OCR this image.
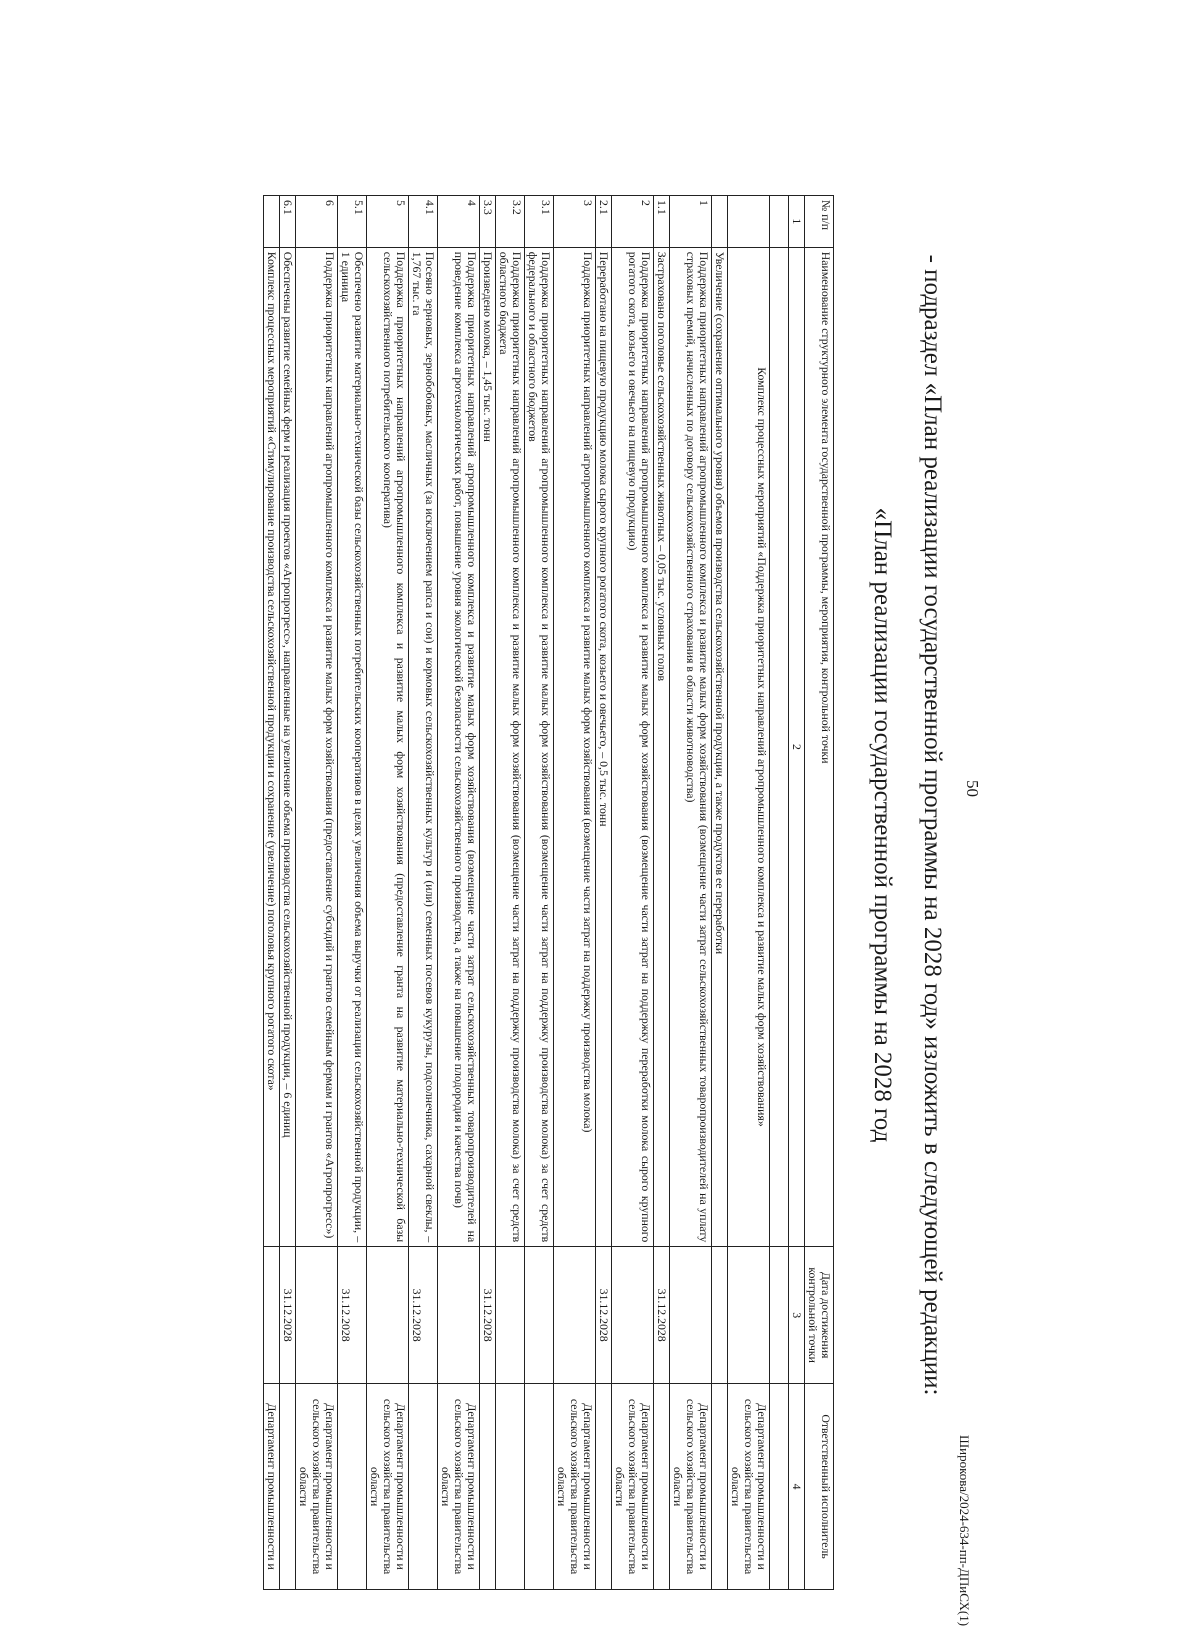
50
Широкова/2024-634-пп-ДПиСХ(1)
- подраздел «План реализации государственной программы на 2028 год» изложить в следующей редакции:
«План реализации государственной программы на 2028 год
№ п/п	Наименование структурного элемента государственной программы, мероприятия, контрольной точки	Дата достижения контрольной точки	Ответственный исполнитель
1	2	3	4

	Комплекс процессных мероприятий «Поддержка приоритетных направлений агропромышленного комплекса и развитие малых форм хозяйствования»		Департамент промышленности и сельского хозяйства правительства области
	Увеличение (сохранение оптимального уровня) объемов производства сельскохозяйственной продукции, а также продуктов ее переработки		
1	Поддержка приоритетных направлений агропромышленного комплекса и развитие малых форм хозяйствования (возмещение части затрат сельскохозяйственных товаропроизводителей на уплату страховых премий, начисленных по договору сельскохозяйственного страхования в области животноводства)		Департамент промышленности и сельского хозяйства правительства области
1.1	Застраховано поголовье сельскохозяйственных животных – 0,05 тыс. условных голов	31.12.2028	
2	Поддержка приоритетных направлений агропромышленного комплекса и развитие малых форм хозяйствования (возмещение части затрат на поддержку переработки молока сырого крупного рогатого скота, козьего и овечьего на пищевую продукцию)		Департамент промышленности и сельского хозяйства правительства области
2.1	Переработано на пищевую продукцию молока сырого крупного рогатого скота, козьего и овечьего, – 0,5 тыс. тонн	31.12.2028	
3	Поддержка приоритетных направлений агропромышленного комплекса и развитие малых форм хозяйствования (возмещение части затрат на поддержку производства молока)		Департамент промышленности и сельского хозяйства правительства области
3.1	Поддержка приоритетных направлений агропромышленного комплекса и развитие малых форм хозяйствования (возмещение части затрат на поддержку производства молока) за счет средств федерального и областного бюджетов		
3.2	Поддержка приоритетных направлений агропромышленного комплекса и развитие малых форм хозяйствования (возмещение части затрат на поддержку производства молока) за счет средств областного бюджета		
3.3	Произведено молока, – 1,45 тыс. тонн	31.12.2028	
4	Поддержка приоритетных направлений агропромышленного комплекса и развитие малых форм хозяйствования (возмещение части затрат сельскохозяйственных товаропроизводителей на проведение комплекса агротехнологических работ, повышение уровня экологической безопасности сельскохозяйственного производства, а также на повышение плодородия и качества почв)		Департамент промышленности и сельского хозяйства правительства области
4.1	Посеяно зерновых, зернобобовых, масличных (за исключением рапса и сои) и кормовых сельскохозяйственных культур и (или) семенных посевов кукурузы, подсолнечника, сахарной свеклы, – 1,767 тыс. га	31.12.2028	
5	Поддержка приоритетных направлений агропромышленного комплекса и развитие малых форм хозяйствования (предоставление гранта на развитие материально-технической базы сельскохозяйственного потребительского кооператива)		Департамент промышленности и сельского хозяйства правительства области
5.1	Обеспечено развитие материально-технической базы сельскохозяйственных потребительских кооперативов в целях увеличения объема выручки от реализации сельскохозяйственной продукции, – 1 единица	31.12.2028	
6	Поддержка приоритетных направлений агропромышленного комплекса и развитие малых форм хозяйствования (предоставление субсидий и грантов семейным фермам и грантов «Агропрогресс»)		Департамент промышленности и сельского хозяйства правительства области
6.1	Обеспечены развитие семейных ферм и реализация проектов «Агропрогресс», направленные на увеличение объема производства сельскохозяйственной продукции, – 6 единиц	31.12.2028	
	Комплекс процессных мероприятий «Стимулирование производства сельскохозяйственной продукции и сохранение (увеличение) поголовья крупного рогатого скота»		Департамент промышленности и
